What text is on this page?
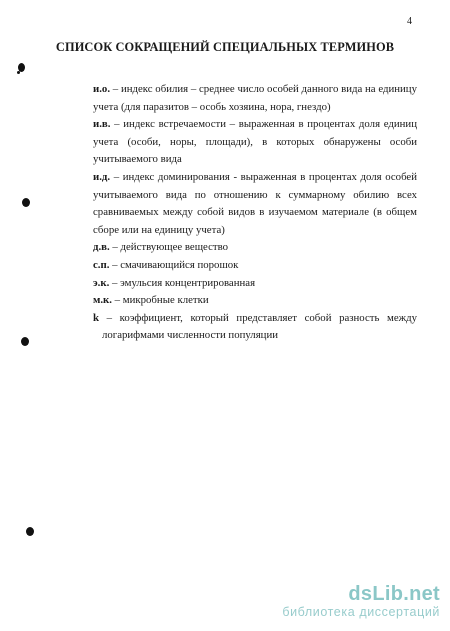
4
СПИСОК СОКРАЩЕНИЙ СПЕЦИАЛЬНЫХ ТЕРМИНОВ

и.о. – индекс обилия – среднее число особей данного вида на единицу учета (для паразитов – особь хозяина, нора, гнездо)

и.в. – индекс встречаемости – выраженная в процентах доля единиц учета (особи, норы, площади), в которых обнаружены особи учитываемого вида

и.д. – индекс доминирования - выраженная в процентах доля особей учитываемого вида по отношению к суммарному обилию всех сравниваемых между собой видов в изучаемом материале (в общем сборе или на единицу учета)

д.в. – действующее вещество

с.п. – смачивающийся порошок

э.к. – эмульсия концентрированная

м.к. – микробные клетки

k – коэффициент, который представляет собой разность между логарифмами численности популяции

dsLib.net
библиотека диссертаций
